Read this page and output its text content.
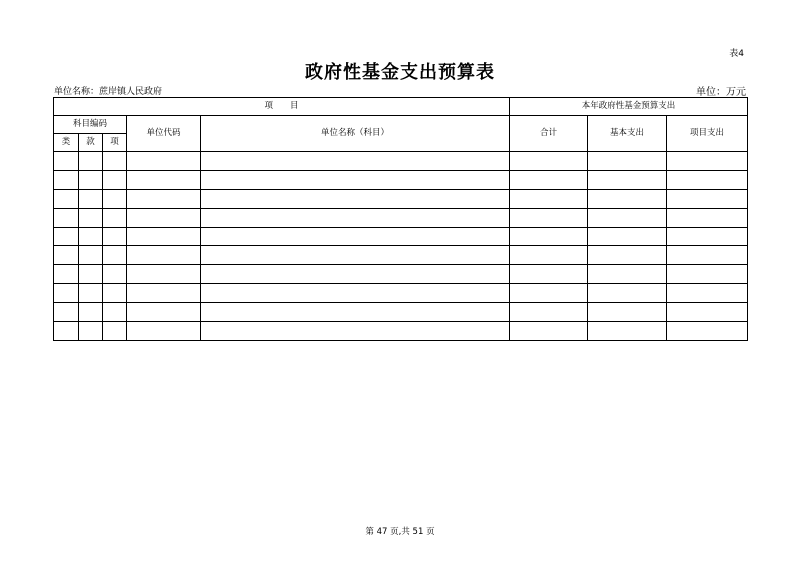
表4
政府性基金支出预算表
单位名称：蔗岸镇人民政府	单位：万元
项　　目					本年政府性基金预算支出		
科目编码			单位代码	单位名称（科目）	合计	基本支出	项目支出
类	款	项					

第 47 页,共 51 页
